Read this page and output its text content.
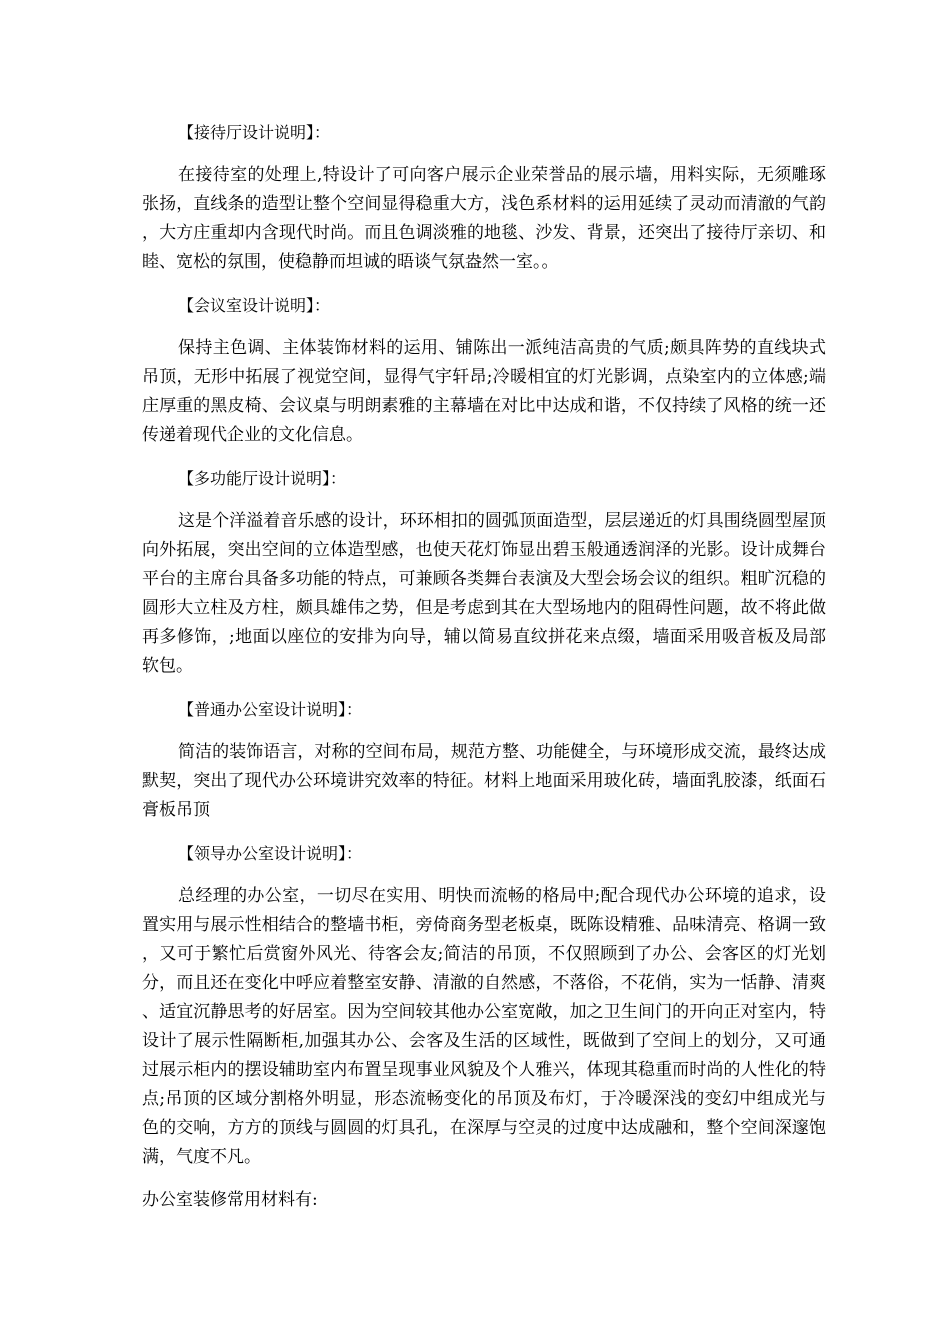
【接待厅设计说明】：

在接待室的处理上,特设计了可向客户展示企业荣誉品的展示墙，用料实际，无须雕琢张扬，直线条的造型让整个空间显得稳重大方，浅色系材料的运用延续了灵动而清澈的气韵，大方庄重却内含现代时尚。而且色调淡雅的地毯、沙发、背景，还突出了接待厅亲切、和睦、宽松的氛围，使稳静而坦诚的晤谈气氛盎然一室。。

【会议室设计说明】：

保持主色调、主体装饰材料的运用、铺陈出一派纯洁高贵的气质;颇具阵势的直线块式吊顶，无形中拓展了视觉空间，显得气宇轩昂;冷暖相宜的灯光影调，点染室内的立体感;端庄厚重的黑皮椅、会议桌与明朗素雅的主幕墙在对比中达成和谐，不仅持续了风格的统一还传递着现代企业的文化信息。

【多功能厅设计说明】：

这是个洋溢着音乐感的设计，环环相扣的圆弧顶面造型，层层递近的灯具围绕圆型屋顶向外拓展，突出空间的立体造型感，也使天花灯饰显出碧玉般通透润泽的光影。设计成舞台平台的主席台具备多功能的特点，可兼顾各类舞台表演及大型会场会议的组织。粗旷沉稳的圆形大立柱及方柱，颇具雄伟之势，但是考虑到其在大型场地内的阻碍性问题，故不将此做再多修饰，;地面以座位的安排为向导，辅以简易直纹拼花来点缀，墙面采用吸音板及局部软包。

【普通办公室设计说明】：

简洁的装饰语言，对称的空间布局，规范方整、功能健全，与环境形成交流，最终达成默契，突出了现代办公环境讲究效率的特征。材料上地面采用玻化砖，墙面乳胶漆，纸面石膏板吊顶

【领导办公室设计说明】：

总经理的办公室，一切尽在实用、明快而流畅的格局中;配合现代办公环境的追求，设置实用与展示性相结合的整墙书柜，旁倚商务型老板桌，既陈设精雅、品味清亮、格调一致，又可于繁忙后赏窗外风光、待客会友;简洁的吊顶，不仅照顾到了办公、会客区的灯光划分，而且还在变化中呼应着整室安静、清澈的自然感，不落俗，不花俏，实为一恬静、清爽、适宜沉静思考的好居室。因为空间较其他办公室宽敞，加之卫生间门的开向正对室内，特设计了展示性隔断柜,加强其办公、会客及生活的区域性，既做到了空间上的划分，又可通过展示柜内的摆设辅助室内布置呈现事业风貌及个人雅兴，体现其稳重而时尚的人性化的特点;吊顶的区域分割格外明显，形态流畅变化的吊顶及布灯，于冷暖深浅的变幻中组成光与色的交响，方方的顶线与圆圆的灯具孔，在深厚与空灵的过度中达成融和，整个空间深邃饱满，气度不凡。

办公室装修常用材料有:
